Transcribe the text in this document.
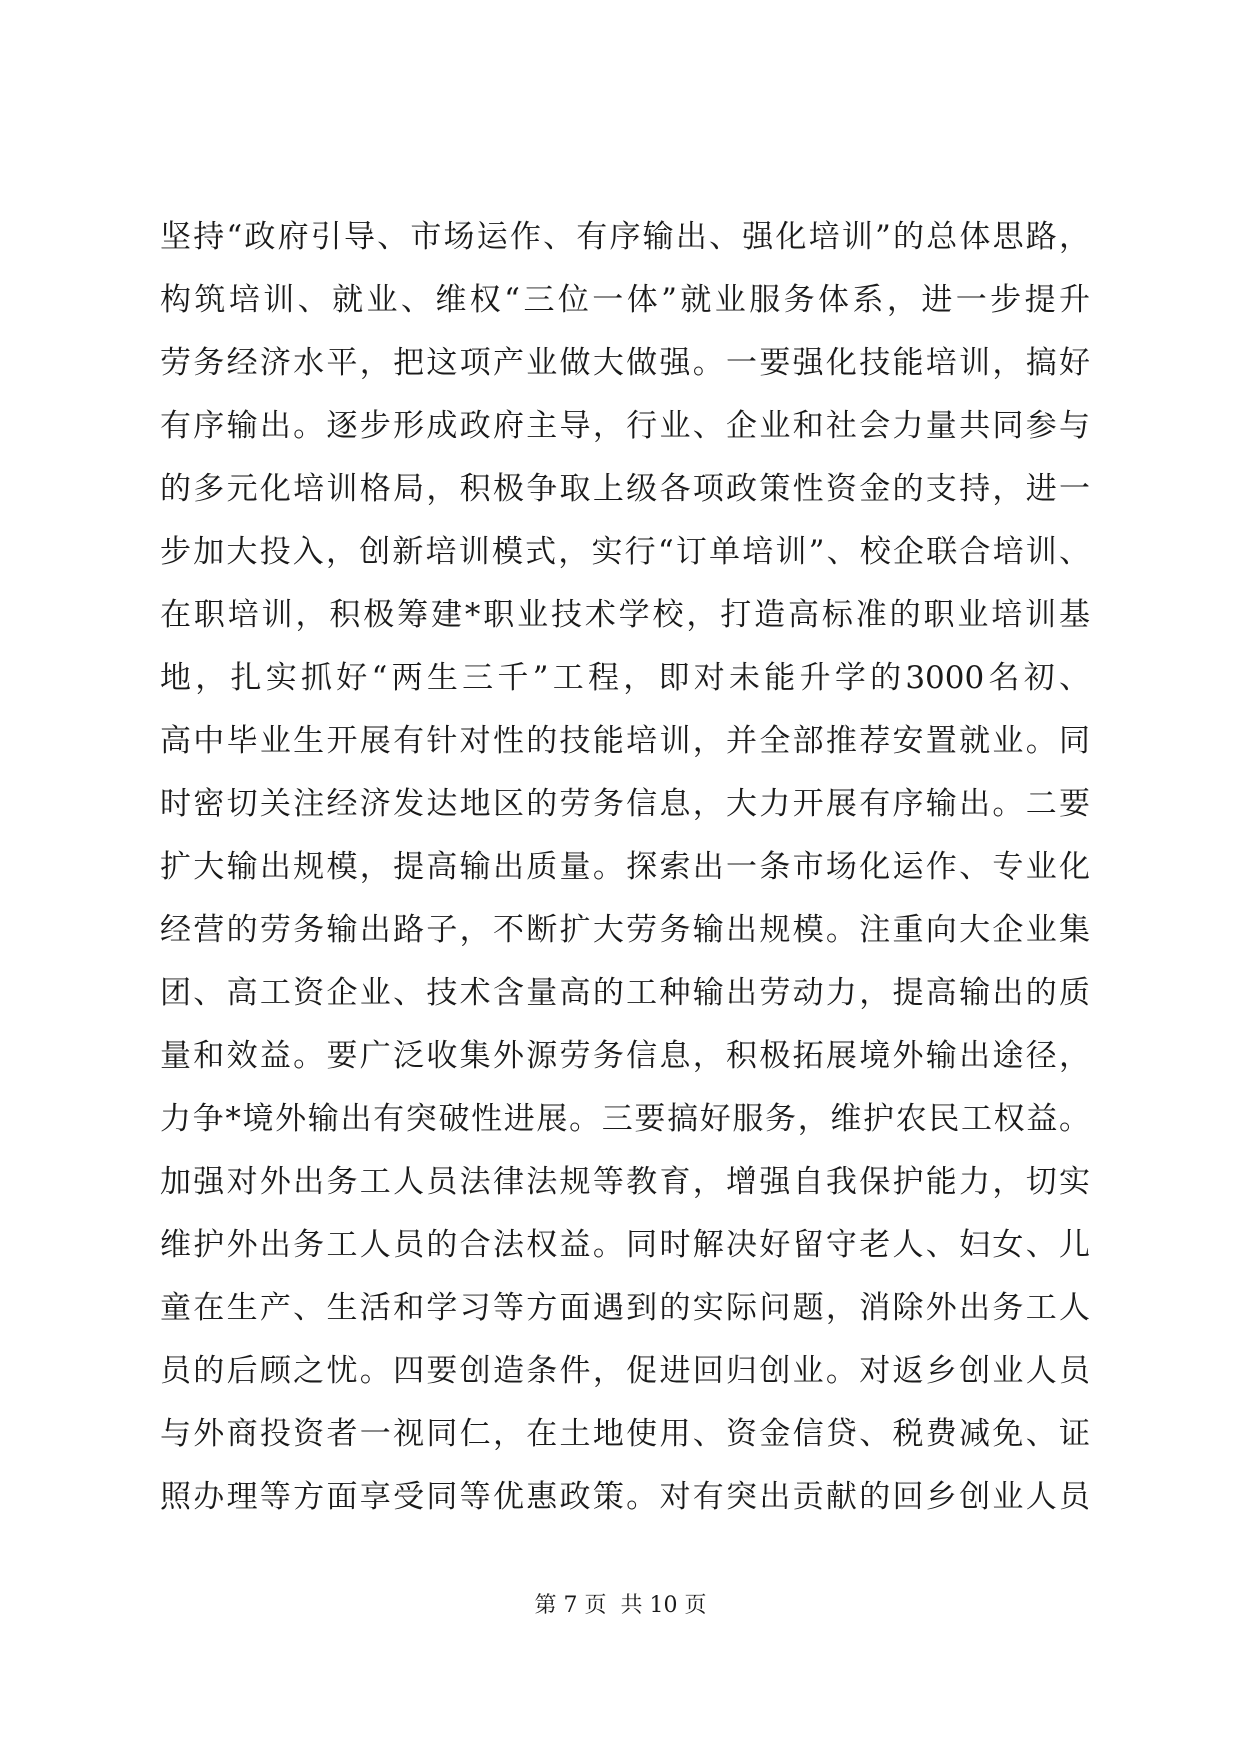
坚持“政府引导、市场运作、有序输出、强化培训”的总体思路，
构筑培训、就业、维权“三位一体”就业服务体系，进一步提升
劳务经济水平，把这项产业做大做强。一要强化技能培训，搞好
有序输出。逐步形成政府主导，行业、企业和社会力量共同参与
的多元化培训格局，积极争取上级各项政策性资金的支持，进一
步加大投入，创新培训模式，实行“订单培训”、校企联合培训、
在职培训，积极筹建*职业技术学校，打造高标准的职业培训基
地，扎实抓好“两生三千”工程，即对未能升学的3000名初、
高中毕业生开展有针对性的技能培训，并全部推荐安置就业。同
时密切关注经济发达地区的劳务信息，大力开展有序输出。二要
扩大输出规模，提高输出质量。探索出一条市场化运作、专业化
经营的劳务输出路子，不断扩大劳务输出规模。注重向大企业集
团、高工资企业、技术含量高的工种输出劳动力，提高输出的质
量和效益。要广泛收集外源劳务信息，积极拓展境外输出途径，
力争*境外输出有突破性进展。三要搞好服务，维护农民工权益。
加强对外出务工人员法律法规等教育，增强自我保护能力，切实
维护外出务工人员的合法权益。同时解决好留守老人、妇女、儿
童在生产、生活和学习等方面遇到的实际问题，消除外出务工人
员的后顾之忧。四要创造条件，促进回归创业。对返乡创业人员
与外商投资者一视同仁，在土地使用、资金信贷、税费减免、证
照办理等方面享受同等优惠政策。对有突出贡献的回乡创业人员
第 7 页  共 10 页
